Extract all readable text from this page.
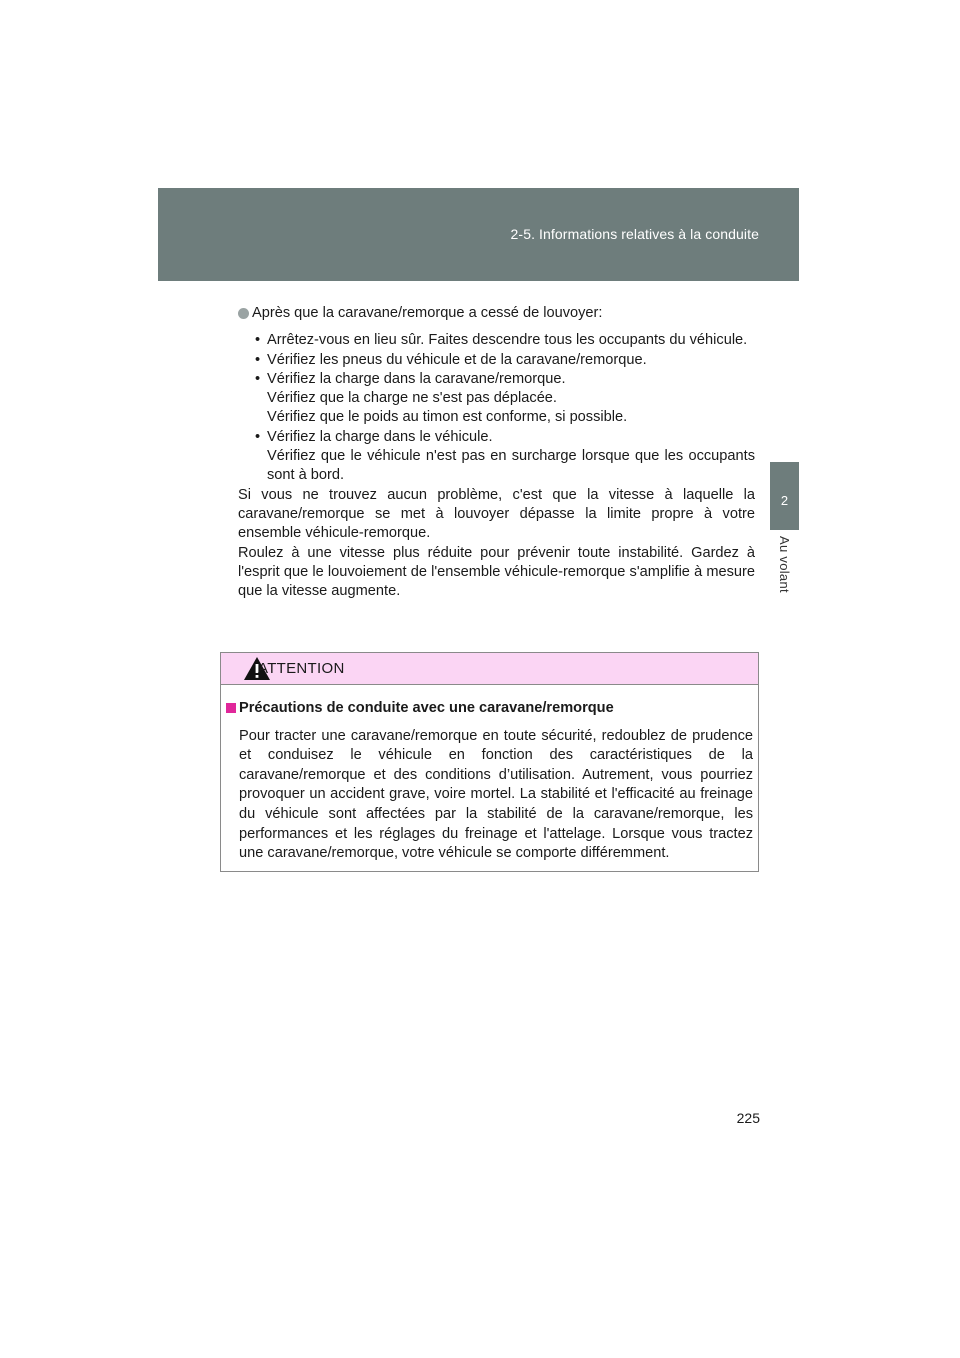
2-5. Informations relatives à la conduite
2
Au volant
Après que la caravane/remorque a cessé de louvoyer:
• Arrêtez-vous en lieu sûr. Faites descendre tous les occupants du véhicule.
• Vérifiez les pneus du véhicule et de la caravane/remorque.
• Vérifiez la charge dans la caravane/remorque.
Vérifiez que la charge ne s'est pas déplacée.
Vérifiez que le poids au timon est conforme, si possible.
• Vérifiez la charge dans le véhicule.
Vérifiez que le véhicule n'est pas en surcharge lorsque que les occupants sont à bord.
Si vous ne trouvez aucun problème, c'est que la vitesse à laquelle la caravane/remorque se met à louvoyer dépasse la limite propre à votre ensemble véhicule-remorque.
Roulez à une vitesse plus réduite pour prévenir toute instabilité. Gardez à l'esprit que le louvoiement de l'ensemble véhicule-remorque s'amplifie à mesure que la vitesse augmente.
ATTENTION
Précautions de conduite avec une caravane/remorque
Pour tracter une caravane/remorque en toute sécurité, redoublez de prudence et conduisez le véhicule en fonction des caractéristiques de la caravane/remorque et des conditions d’utilisation. Autrement, vous pourriez provoquer un accident grave, voire mortel. La stabilité et l'efficacité au freinage du véhicule sont affectées par la stabilité de la caravane/remorque, les performances et les réglages du freinage et l'attelage. Lorsque vous tractez une caravane/remorque, votre véhicule se comporte différemment.
225
